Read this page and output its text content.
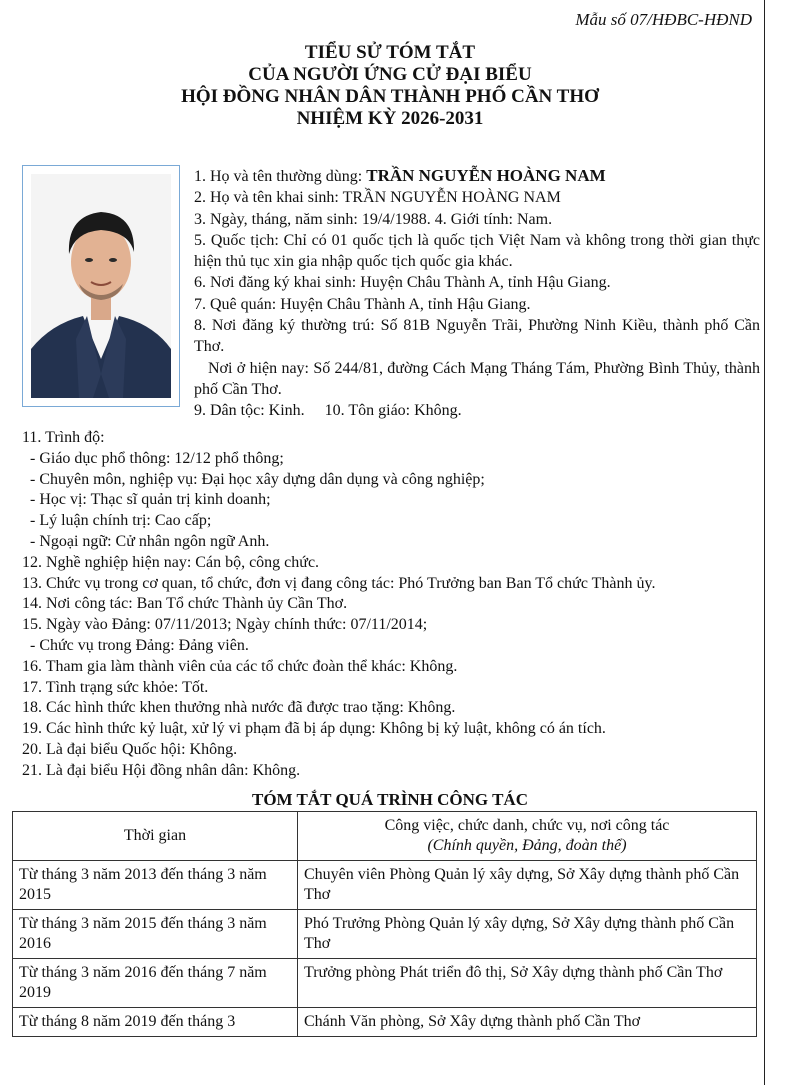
Mẫu số 07/HĐBC-HĐND
TIỂU SỬ TÓM TẮT
CỦA NGƯỜI ỨNG CỬ ĐẠI BIỂU
HỘI ĐỒNG NHÂN DÂN THÀNH PHỐ CẦN THƠ
NHIỆM KỲ 2026-2031
1. Họ và tên thường dùng: TRẦN NGUYỄN HOÀNG NAM
2. Họ và tên khai sinh: TRẦN NGUYỄN HOÀNG NAM
3. Ngày, tháng, năm sinh: 19/4/1988. 4. Giới tính: Nam.
5. Quốc tịch: Chỉ có 01 quốc tịch là quốc tịch Việt Nam và không trong thời gian thực hiện thủ tục xin gia nhập quốc tịch quốc gia khác.
6. Nơi đăng ký khai sinh: Huyện Châu Thành A, tỉnh Hậu Giang.
7. Quê quán: Huyện Châu Thành A, tỉnh Hậu Giang.
8. Nơi đăng ký thường trú: Số 81B Nguyễn Trãi, Phường Ninh Kiều, thành phố Cần Thơ.
Nơi ở hiện nay: Số 244/81, đường Cách Mạng Tháng Tám, Phường Bình Thủy, thành phố Cần Thơ.
9. Dân tộc: Kinh.     10. Tôn giáo: Không.
11. Trình độ:
- Giáo dục phổ thông: 12/12 phổ thông;
- Chuyên môn, nghiệp vụ: Đại học xây dựng dân dụng và công nghiệp;
- Học vị: Thạc sĩ quản trị kinh doanh;
- Lý luận chính trị: Cao cấp;
- Ngoại ngữ: Cử nhân ngôn ngữ Anh.
12. Nghề nghiệp hiện nay: Cán bộ, công chức.
13. Chức vụ trong cơ quan, tổ chức, đơn vị đang công tác: Phó Trưởng ban Ban Tổ chức Thành ủy.
14. Nơi công tác: Ban Tổ chức Thành ủy Cần Thơ.
15. Ngày vào Đảng: 07/11/2013; Ngày chính thức: 07/11/2014;
- Chức vụ trong Đảng: Đảng viên.
16. Tham gia làm thành viên của các tổ chức đoàn thể khác: Không.
17. Tình trạng sức khỏe: Tốt.
18. Các hình thức khen thưởng nhà nước đã được trao tặng: Không.
19. Các hình thức kỷ luật, xử lý vi phạm đã bị áp dụng: Không bị kỷ luật, không có án tích.
20. Là đại biểu Quốc hội: Không.
21. Là đại biểu Hội đồng nhân dân: Không.
TÓM TẮT QUÁ TRÌNH CÔNG TÁC
Thời gian	Công việc, chức danh, chức vụ, nơi công tác
(Chính quyền, Đảng, đoàn thể)

Từ tháng 3 năm 2013 đến tháng 3 năm 2015	Chuyên viên Phòng Quản lý xây dựng, Sở Xây dựng thành phố Cần Thơ
Từ tháng 3 năm 2015 đến tháng 3 năm 2016	Phó Trưởng Phòng Quản lý xây dựng, Sở Xây dựng thành phố Cần Thơ
Từ tháng 3 năm 2016 đến tháng 7 năm 2019	Trưởng phòng Phát triển đô thị, Sở Xây dựng thành phố Cần Thơ
Từ tháng 8 năm 2019 đến tháng 3	Chánh Văn phòng, Sở Xây dựng thành phố Cần Thơ
